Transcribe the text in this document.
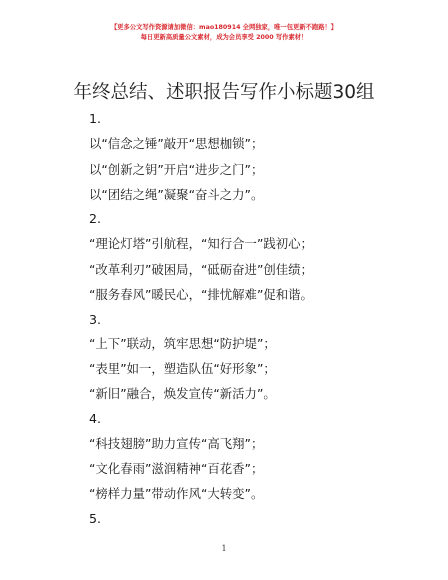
【更多公文写作资源请加微信：mao180914 全网独家，唯一包更新不跑路！】
每日更新高质量公文素材，成为会员享受 2000 写作素材！
年终总结、述职报告写作小标题30组
1.
以“信念之锤”敲开“思想枷锁”；
以“创新之钥”开启“进步之门”；
以“团结之绳”凝聚“奋斗之力”。
2.
“理论灯塔”引航程，“知行合一”践初心；
“改革利刃”破困局，“砥砺奋进”创佳绩；
“服务春风”暖民心，“排忧解难”促和谐。
3.
“上下”联动，筑牢思想“防护堤”；
“表里”如一，塑造队伍“好形象”；
“新旧”融合，焕发宣传“新活力”。
4.
“科技翅膀”助力宣传“高飞翔”；
“文化春雨”滋润精神“百花香”；
“榜样力量”带动作风“大转变”。
5.
1
